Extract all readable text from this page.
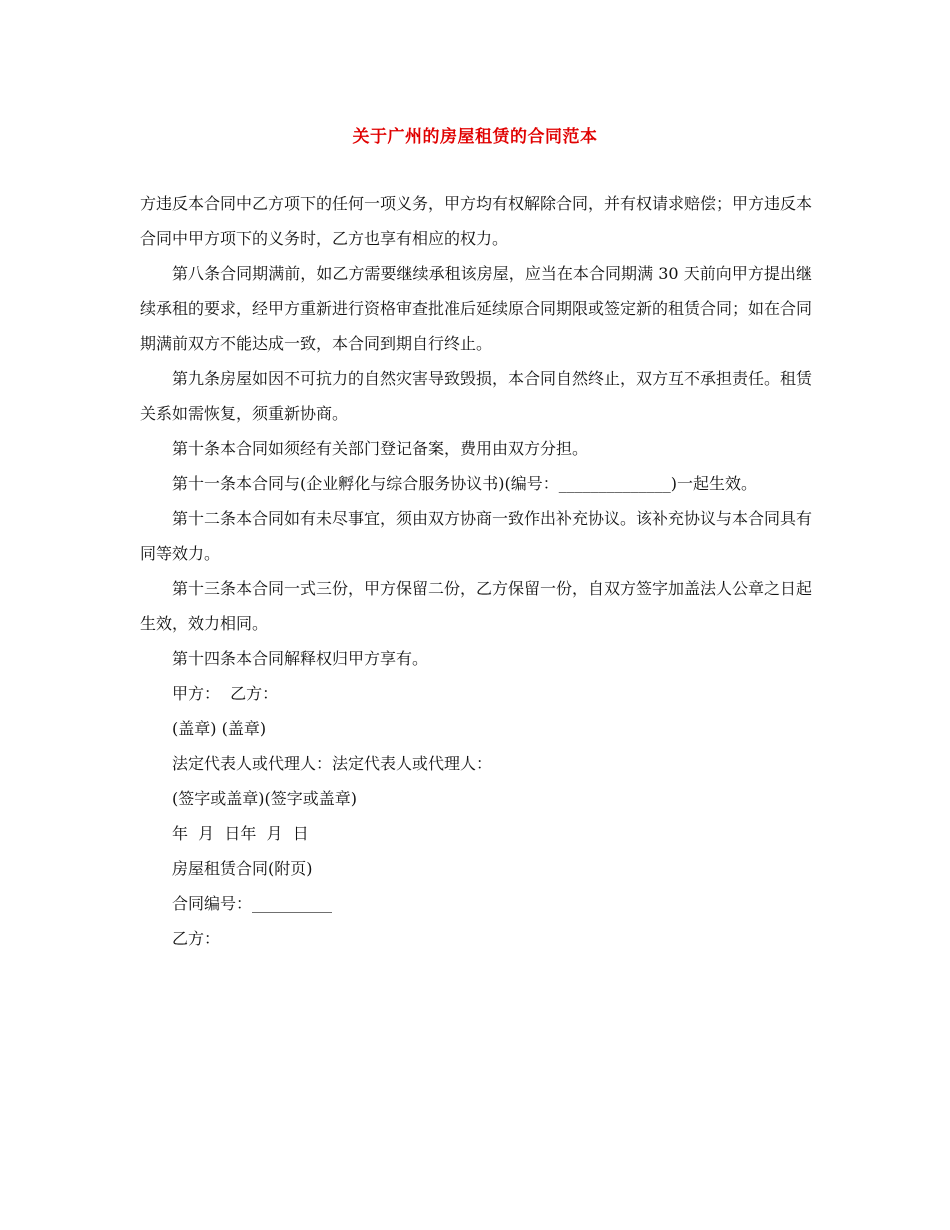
关于广州的房屋租赁的合同范本

方违反本合同中乙方项下的任何一项义务，甲方均有权解除合同，并有权请求赔偿；甲方违反本合同中甲方项下的义务时，乙方也享有相应的权力。

第八条合同期满前，如乙方需要继续承租该房屋，应当在本合同期满 30 天前向甲方提出继续承租的要求，经甲方重新进行资格审查批准后延续原合同期限或签定新的租赁合同；如在合同期满前双方不能达成一致，本合同到期自行终止。

第九条房屋如因不可抗力的自然灾害导致毁损，本合同自然终止，双方互不承担责任。租赁关系如需恢复，须重新协商。

第十条本合同如须经有关部门登记备案，费用由双方分担。

第十一条本合同与(企业孵化与综合服务协议书)(编号：______________)一起生效。

第十二条本合同如有未尽事宜，须由双方协商一致作出补充协议。该补充协议与本合同具有同等效力。

第十三条本合同一式三份，甲方保留二份，乙方保留一份，自双方签字加盖法人公章之日起生效，效力相同。

第十四条本合同解释权归甲方享有。

甲方：  乙方：

(盖章) (盖章)

法定代表人或代理人：法定代表人或代理人：

(签字或盖章)(签字或盖章)

年  月  日年  月  日

房屋租赁合同(附页)

合同编号：__________

乙方：
